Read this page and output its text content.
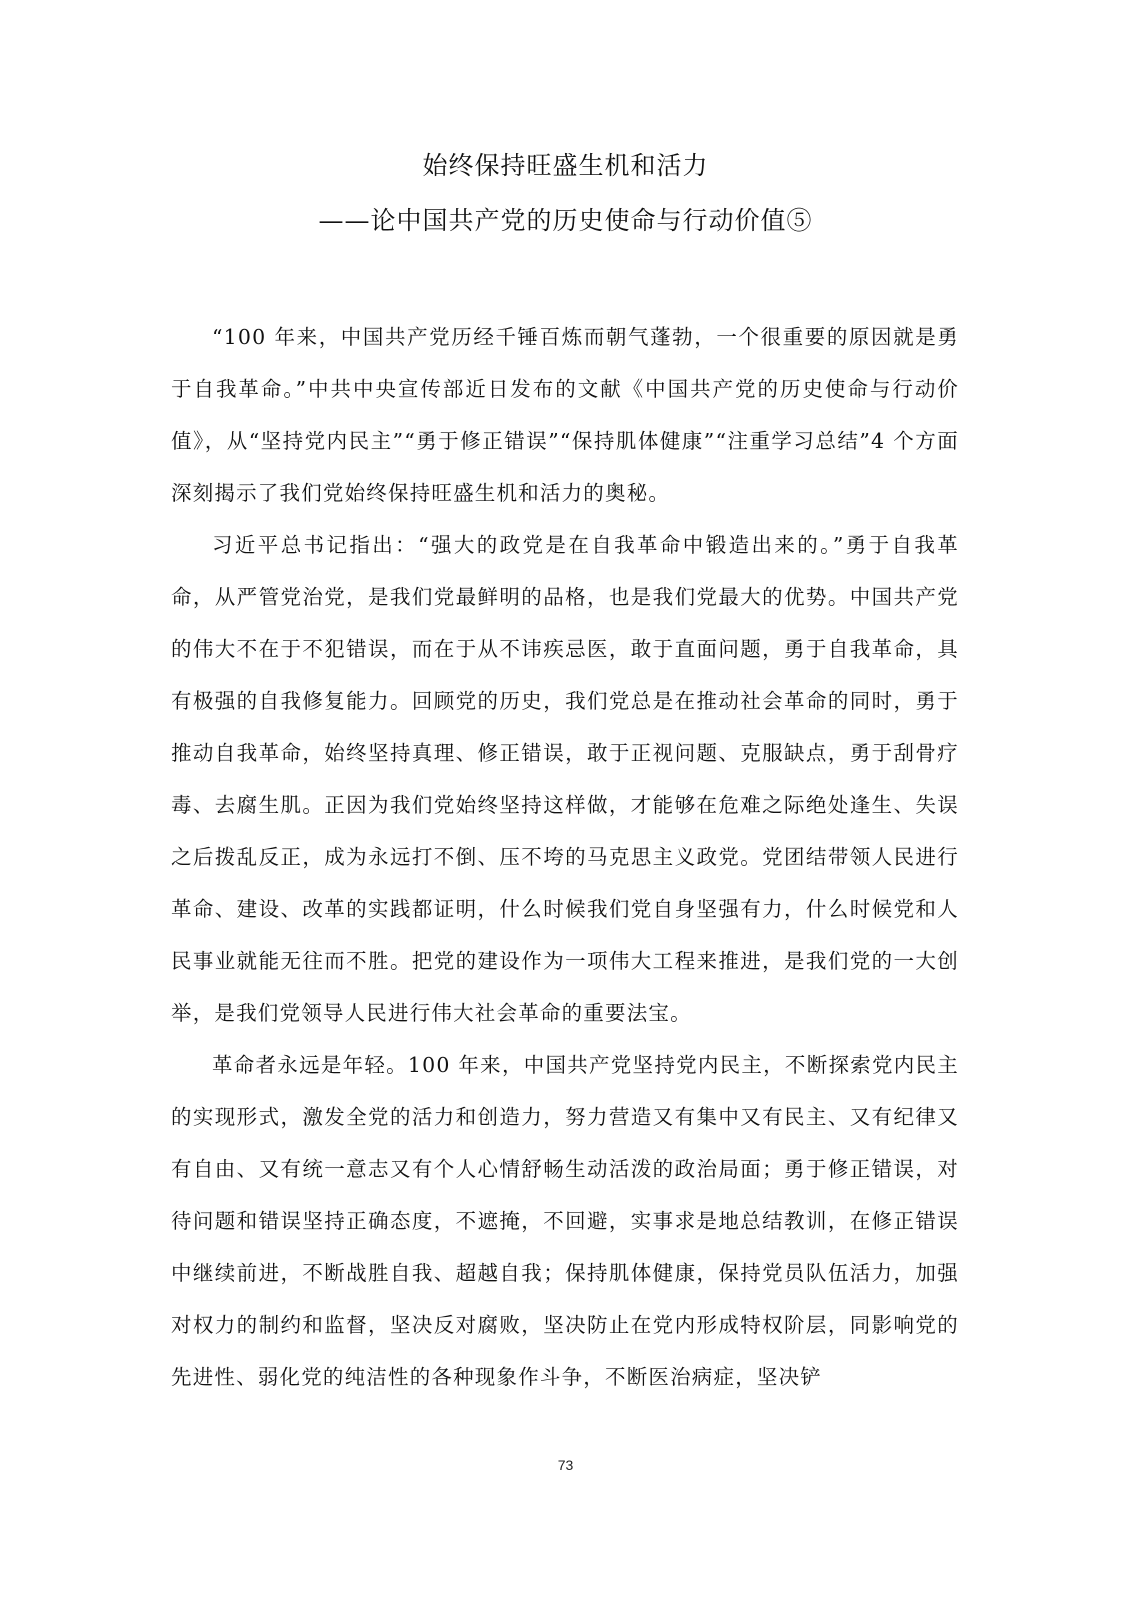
始终保持旺盛生机和活力
——论中国共产党的历史使命与行动价值⑤

“100 年来，中国共产党历经千锤百炼而朝气蓬勃，一个很重要的原因就是勇于自我革命。”中共中央宣传部近日发布的文献《中国共产党的历史使命与行动价值》，从“坚持党内民主”“勇于修正错误”“保持肌体健康”“注重学习总结”4 个方面深刻揭示了我们党始终保持旺盛生机和活力的奥秘。

习近平总书记指出：“强大的政党是在自我革命中锻造出来的。”勇于自我革命，从严管党治党，是我们党最鲜明的品格，也是我们党最大的优势。中国共产党的伟大不在于不犯错误，而在于从不讳疾忌医，敢于直面问题，勇于自我革命，具有极强的自我修复能力。回顾党的历史，我们党总是在推动社会革命的同时，勇于推动自我革命，始终坚持真理、修正错误，敢于正视问题、克服缺点，勇于刮骨疗毒、去腐生肌。正因为我们党始终坚持这样做，才能够在危难之际绝处逢生、失误之后拨乱反正，成为永远打不倒、压不垮的马克思主义政党。党团结带领人民进行革命、建设、改革的实践都证明，什么时候我们党自身坚强有力，什么时候党和人民事业就能无往而不胜。把党的建设作为一项伟大工程来推进，是我们党的一大创举，是我们党领导人民进行伟大社会革命的重要法宝。

革命者永远是年轻。100 年来，中国共产党坚持党内民主，不断探索党内民主的实现形式，激发全党的活力和创造力，努力营造又有集中又有民主、又有纪律又有自由、又有统一意志又有个人心情舒畅生动活泼的政治局面；勇于修正错误，对待问题和错误坚持正确态度，不遮掩，不回避，实事求是地总结教训，在修正错误中继续前进，不断战胜自我、超越自我；保持肌体健康，保持党员队伍活力，加强对权力的制约和监督，坚决反对腐败，坚决防止在党内形成特权阶层，同影响党的先进性、弱化党的纯洁性的各种现象作斗争，不断医治病症，坚决铲

73
